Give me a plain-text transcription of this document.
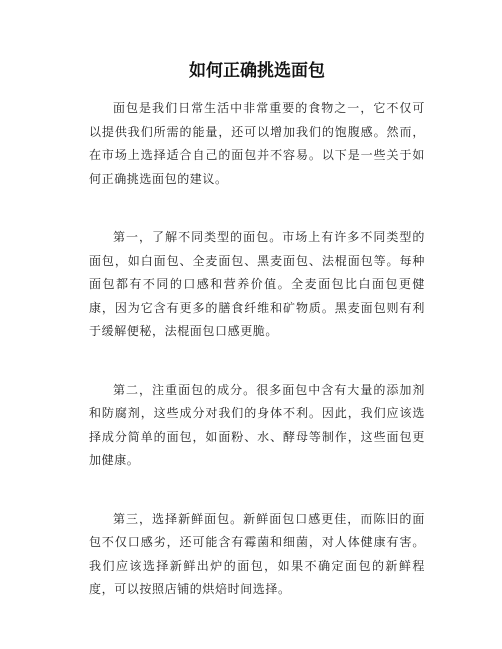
如何正确挑选面包

面包是我们日常生活中非常重要的食物之一，它不仅可以提供我们所需的能量，还可以增加我们的饱腹感。然而，在市场上选择适合自己的面包并不容易。以下是一些关于如何正确挑选面包的建议。

第一，了解不同类型的面包。市场上有许多不同类型的面包，如白面包、全麦面包、黑麦面包、法棍面包等。每种面包都有不同的口感和营养价值。全麦面包比白面包更健康，因为它含有更多的膳食纤维和矿物质。黑麦面包则有利于缓解便秘，法棍面包口感更脆。

第二，注重面包的成分。很多面包中含有大量的添加剂和防腐剂，这些成分对我们的身体不利。因此，我们应该选择成分简单的面包，如面粉、水、酵母等制作，这些面包更加健康。

第三，选择新鲜面包。新鲜面包口感更佳，而陈旧的面包不仅口感劣，还可能含有霉菌和细菌，对人体健康有害。我们应该选择新鲜出炉的面包，如果不确定面包的新鲜程度，可以按照店铺的烘焙时间选择。
